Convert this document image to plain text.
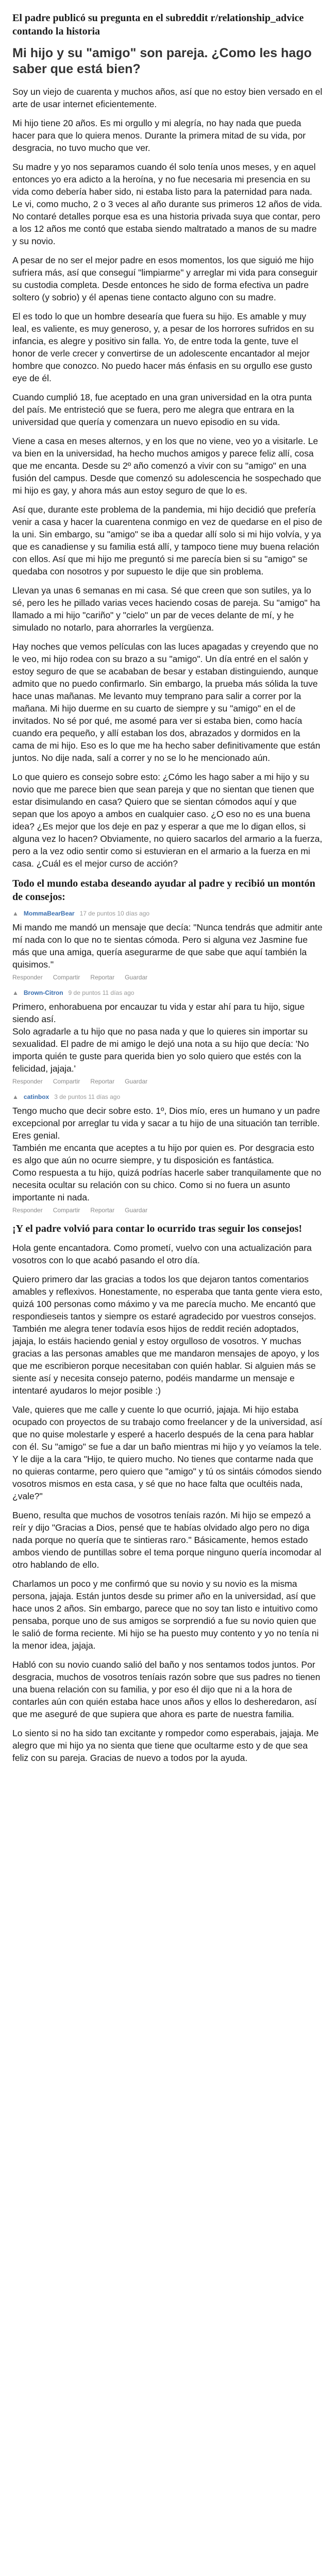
El padre publicó su pregunta en el subreddit r/relationship_advice contando la historia
Mi hijo y su "amigo" son pareja. ¿Como les hago saber que está bien?

Soy un viejo de cuarenta y muchos años, así que no estoy bien versado en el arte de usar internet eficientemente.

Mi hijo tiene 20 años. Es mi orgullo y mi alegría, no hay nada que pueda hacer para que lo quiera menos. Durante la primera mitad de su vida, por desgracia, no tuvo mucho que ver.

Su madre y yo nos separamos cuando él solo tenía unos meses, y en aquel entonces yo era adicto a la heroína, y no fue necesaria mi presencia en su vida como debería haber sido, ni estaba listo para la paternidad para nada. Le vi, como mucho, 2 o 3 veces al año durante sus primeros 12 años de vida. No contaré detalles porque esa es una historia privada suya que contar, pero a los 12 años me contó que estaba siendo maltratado a manos de su madre y su novio.

A pesar de no ser el mejor padre en esos momentos, los que siguió me hijo sufriera más, así que conseguí "limpiarme" y arreglar mi vida para conseguir su custodia completa. Desde entonces he sido de forma efectiva un padre soltero (y sobrio) y él apenas tiene contacto alguno con su madre.

El es todo lo que un hombre desearía que fuera su hijo. Es amable y muy leal, es valiente, es muy generoso, y, a pesar de los horrores sufridos en su infancia, es alegre y positivo sin falla. Yo, de entre toda la gente, tuve el honor de verle crecer y convertirse de un adolescente encantador al mejor hombre que conozco. No puedo hacer más énfasis en su orgullo ese gusto eye de él.

Cuando cumplió 18, fue aceptado en una gran universidad en la otra punta del país. Me entristeció que se fuera, pero me alegra que entrara en la universidad que quería y comenzara un nuevo episodio en su vida.

Viene a casa en meses alternos, y en los que no viene, veo yo a visitarle. Le va bien en la universidad, ha hecho muchos amigos y parece feliz allí, cosa que me encanta. Desde su 2º año comenzó a vivir con su "amigo" en una fusión del campus. Desde que comenzó su adolescencia he sospechado que mi hijo es gay, y ahora más aun estoy seguro de que lo es.

Así que, durante este problema de la pandemia, mi hijo decidió que prefería venir a casa y hacer la cuarentena conmigo en vez de quedarse en el piso de la uni. Sin embargo, su "amigo" se iba a quedar allí solo si mi hijo volvía, y ya que es canadiense y su familia está allí, y tampoco tiene muy buena relación con ellos. Así que mi hijo me preguntó si me parecía bien si su "amigo" se quedaba con nosotros y por supuesto le dije que sin problema.

Llevan ya unas 6 semanas en mi casa. Sé que creen que son sutiles, ya lo sé, pero les he pillado varias veces haciendo cosas de pareja. Su "amigo" ha llamado a mi hijo "cariño" y "cielo" un par de veces delante de mí, y he simulado no notarlo, para ahorrarles la vergüenza.

Hay noches que vemos películas con las luces apagadas y creyendo que no le veo, mi hijo rodea con su brazo a su "amigo". Un día entré en el salón y estoy seguro de que se acababan de besar y estaban distinguiendo, aunque admito que no puedo confirmarlo. Sin embargo, la prueba más sólida la tuve hace unas mañanas. Me levanto muy temprano para salir a correr por la mañana. Mi hijo duerme en su cuarto de siempre y su "amigo" en el de invitados. No sé por qué, me asomé para ver si estaba bien, como hacía cuando era pequeño, y allí estaban los dos, abrazados y dormidos en la cama de mi hijo. Eso es lo que me ha hecho saber definitivamente que están juntos. No dije nada, salí a correr y no se lo he mencionado aún.

Lo que quiero es consejo sobre esto: ¿Cómo les hago saber a mi hijo y su novio que me parece bien que sean pareja y que no sientan que tienen que estar disimulando en casa? Quiero que se sientan cómodos aquí y que sepan que los apoyo a ambos en cualquier caso. ¿O eso no es una buena idea? ¿Es mejor que los deje en paz y esperar a que me lo digan ellos, si alguna vez lo hacen? Obviamente, no quiero sacarlos del armario a la fuerza, pero a la vez odio sentir como si estuvieran en el armario a la fuerza en mi casa. ¿Cuál es el mejor curso de acción?

Todo el mundo estaba deseando ayudar al padre y recibió un montón de consejos:
▲ MommaBearBear 17 de puntos 10 días ago
Mi mando me mandó un mensaje que decía: "Nunca tendrás que admitir ante mí nada con lo que no te sientas cómoda. Pero si alguna vez Jasmine fue más que una amiga, quería asegurarme de que sabe que aquí también la quisimos."
Responder Compartir Reportar Guardar
▲ Brown-Citron 9 de puntos 11 días ago
Primero, enhorabuena por encauzar tu vida y estar ahí para tu hijo, sigue siendo así.
Solo agradarle a tu hijo que no pasa nada y que lo quieres sin importar su sexualidad. El padre de mi amigo le dejó una nota a su hijo que decía: 'No importa quién te guste para querida bien yo solo quiero que estés con la felicidad, jajaja.'
Responder Compartir Reportar Guardar
▲ catinbox 3 de puntos 11 días ago
Tengo mucho que decir sobre esto. 1º, Dios mío, eres un humano y un padre excepcional por arreglar tu vida y sacar a tu hijo de una situación tan terrible. Eres genial.
También me encanta que aceptes a tu hijo por quien es. Por desgracia esto es algo que aún no ocurre siempre, y tu disposición es fantástica.
Como respuesta a tu hijo, quizá podrías hacerle saber tranquilamente que no necesita ocultar su relación con su chico. Como si no fuera un asunto importante ni nada.
Responder Compartir Reportar Guardar
¡Y el padre volvió para contar lo ocurrido tras seguir los consejos!

Hola gente encantadora. Como prometí, vuelvo con una actualización para vosotros con lo que acabó pasando el otro día.

Quiero primero dar las gracias a todos los que dejaron tantos comentarios amables y reflexivos. Honestamente, no esperaba que tanta gente viera esto, quizá 100 personas como máximo y va me parecía mucho. Me encantó que respondieseis tantos y siempre os estaré agradecido por vuestros consejos. También me alegra tener todavía esos hijos de reddit recién adoptados, jajaja, lo estáis haciendo genial y estoy orgulloso de vosotros. Y muchas gracias a las personas amables que me mandaron mensajes de apoyo, y los que me escribieron porque necesitaban con quién hablar. Si alguien más se siente así y necesita consejo paterno, podéis mandarme un mensaje e intentaré ayudaros lo mejor posible :)

Vale, quieres que me calle y cuente lo que ocurrió, jajaja. Mi hijo estaba ocupado con proyectos de su trabajo como freelancer y de la universidad, así que no quise molestarle y esperé a hacerlo después de la cena para hablar con él. Su "amigo" se fue a dar un baño mientras mi hijo y yo veíamos la tele. Y le dije a la cara "Hijo, te quiero mucho. No tienes que contarme nada que no quieras contarme, pero quiero que "amigo" y tú os sintáis cómodos siendo vosotros mismos en esta casa, y sé que no hace falta que ocultéis nada, ¿vale?"

Bueno, resulta que muchos de vosotros teníais razón. Mi hijo se empezó a reír y dijo "Gracias a Dios, pensé que te habías olvidado algo pero no diga nada porque no quería que te sintieras raro." Básicamente, hemos estado ambos viendo de puntillas sobre el tema porque ninguno quería incomodar al otro hablando de ello.

Charlamos un poco y me confirmó que su novio y su novio es la misma persona, jajaja. Están juntos desde su primer año en la universidad, así que hace unos 2 años. Sin embargo, parece que no soy tan listo e intuitivo como pensaba, porque uno de sus amigos se sorprendió a fue su novio quien que le salió de forma reciente. Mi hijo se ha puesto muy contento y yo no tenía ni la menor idea, jajaja.

Habló con su novio cuando salió del baño y nos sentamos todos juntos. Por desgracia, muchos de vosotros teníais razón sobre que sus padres no tienen una buena relación con su familia, y por eso él dijo que ni a la hora de contarles aún con quién estaba hace unos años y ellos lo desheredaron, así que me aseguré de que supiera que ahora es parte de nuestra familia.

Lo siento si no ha sido tan excitante y rompedor como esperabais, jajaja. Me alegro que mi hijo ya no sienta que tiene que ocultarme esto y de que sea feliz con su pareja. Gracias de nuevo a todos por la ayuda.
